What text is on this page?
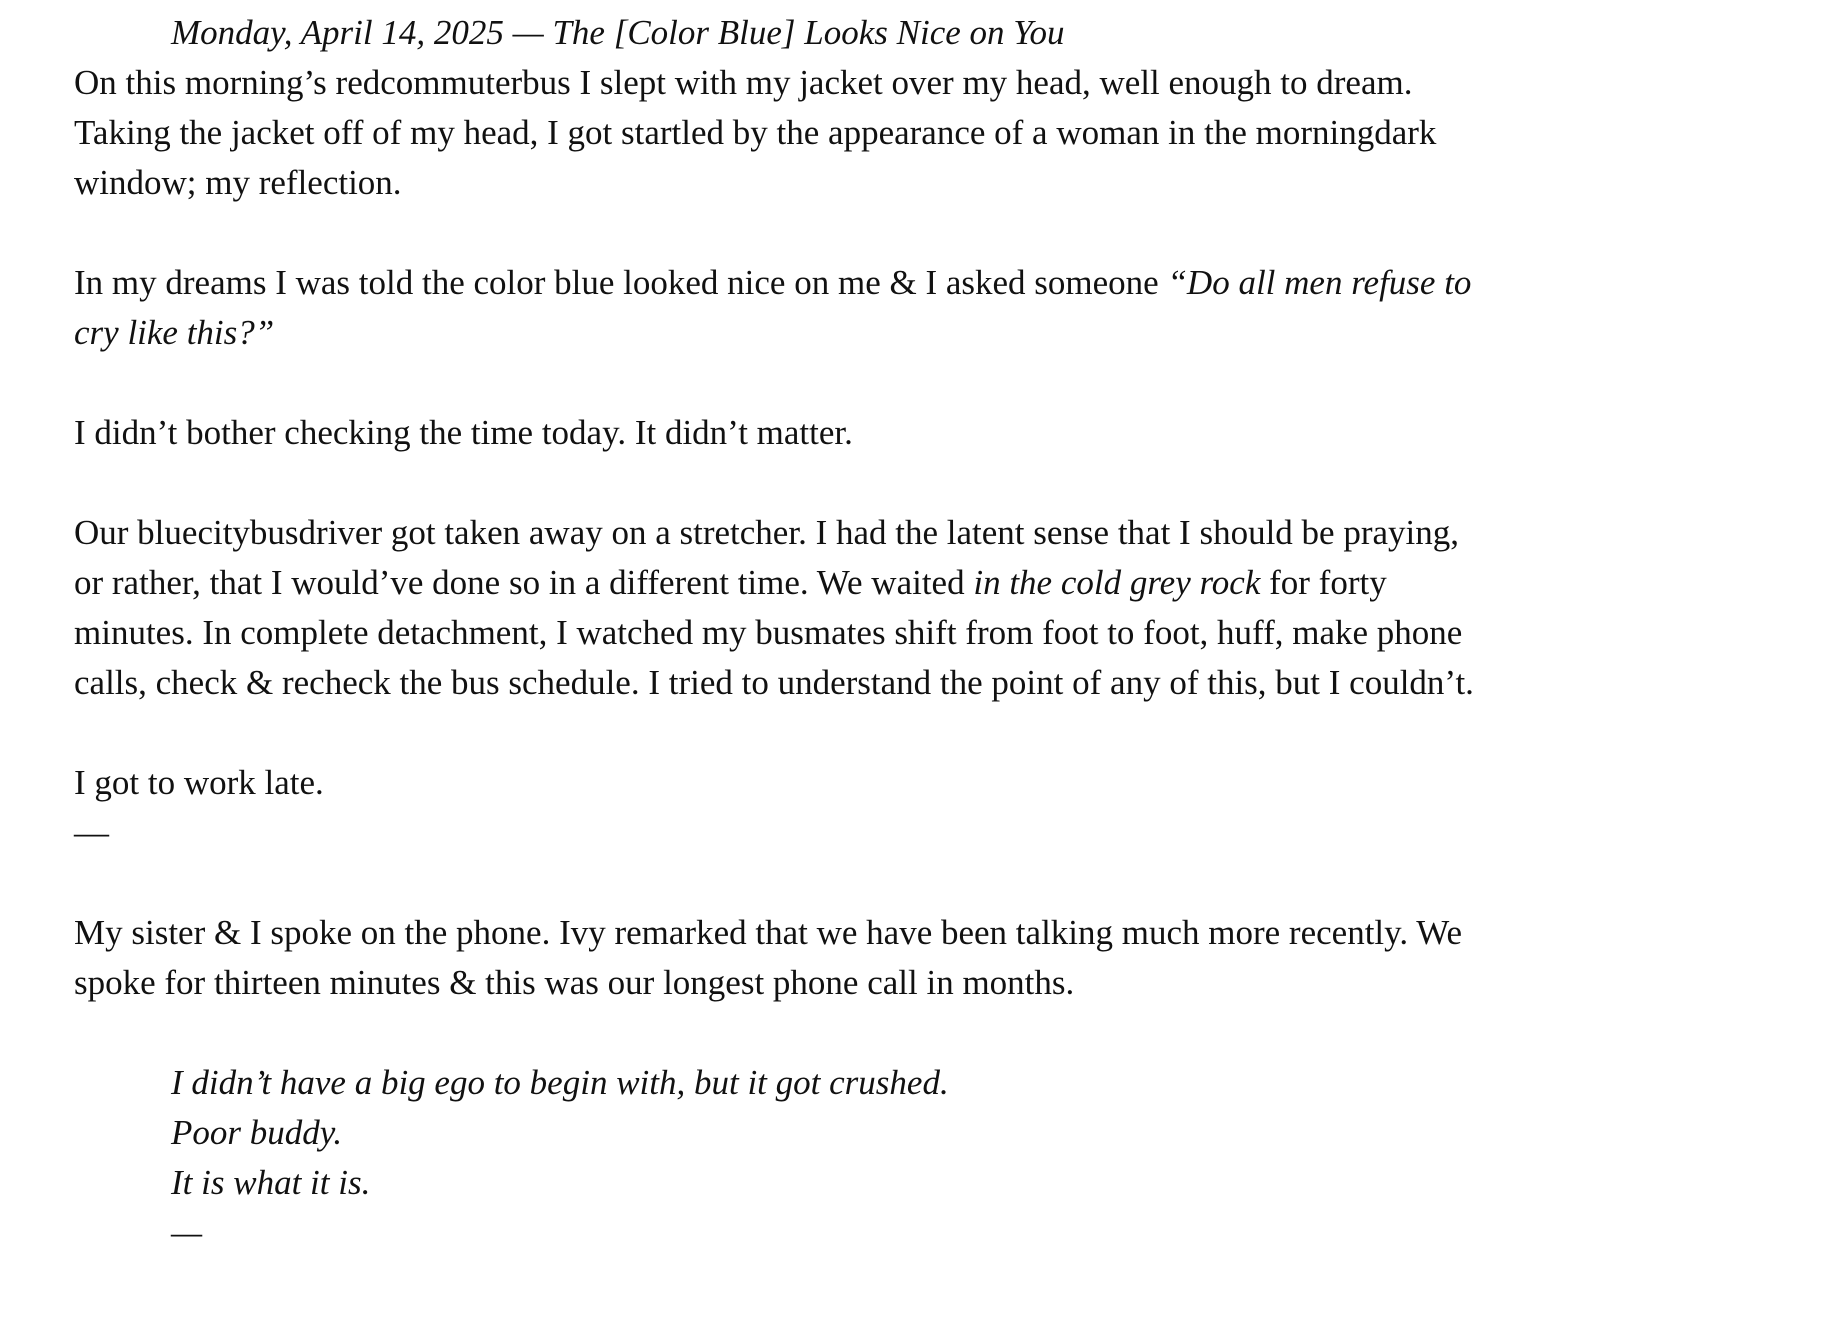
Monday, April 14, 2025 — The [Color Blue] Looks Nice on You

On this morning’s redcommuterbus I slept with my jacket over my head, well enough to dream. Taking the jacket off of my head, I got startled by the appearance of a woman in the morningdark window; my reflection.

In my dreams I was told the color blue looked nice on me & I asked someone “Do all men refuse to cry like this?”

I didn’t bother checking the time today. It didn’t matter.

Our bluecitybusdriver got taken away on a stretcher. I had the latent sense that I should be praying, or rather, that I would’ve done so in a different time. We waited in the cold grey rock for forty minutes. In complete detachment, I watched my busmates shift from foot to foot, huff, make phone calls, check & recheck the bus schedule. I tried to understand the point of any of this, but I couldn’t.

I got to work late.

—

My sister & I spoke on the phone. Ivy remarked that we have been talking much more recently. We spoke for thirteen minutes & this was our longest phone call in months.

I didn’t have a big ego to begin with, but it got crushed.
Poor buddy.
It is what it is.
—
